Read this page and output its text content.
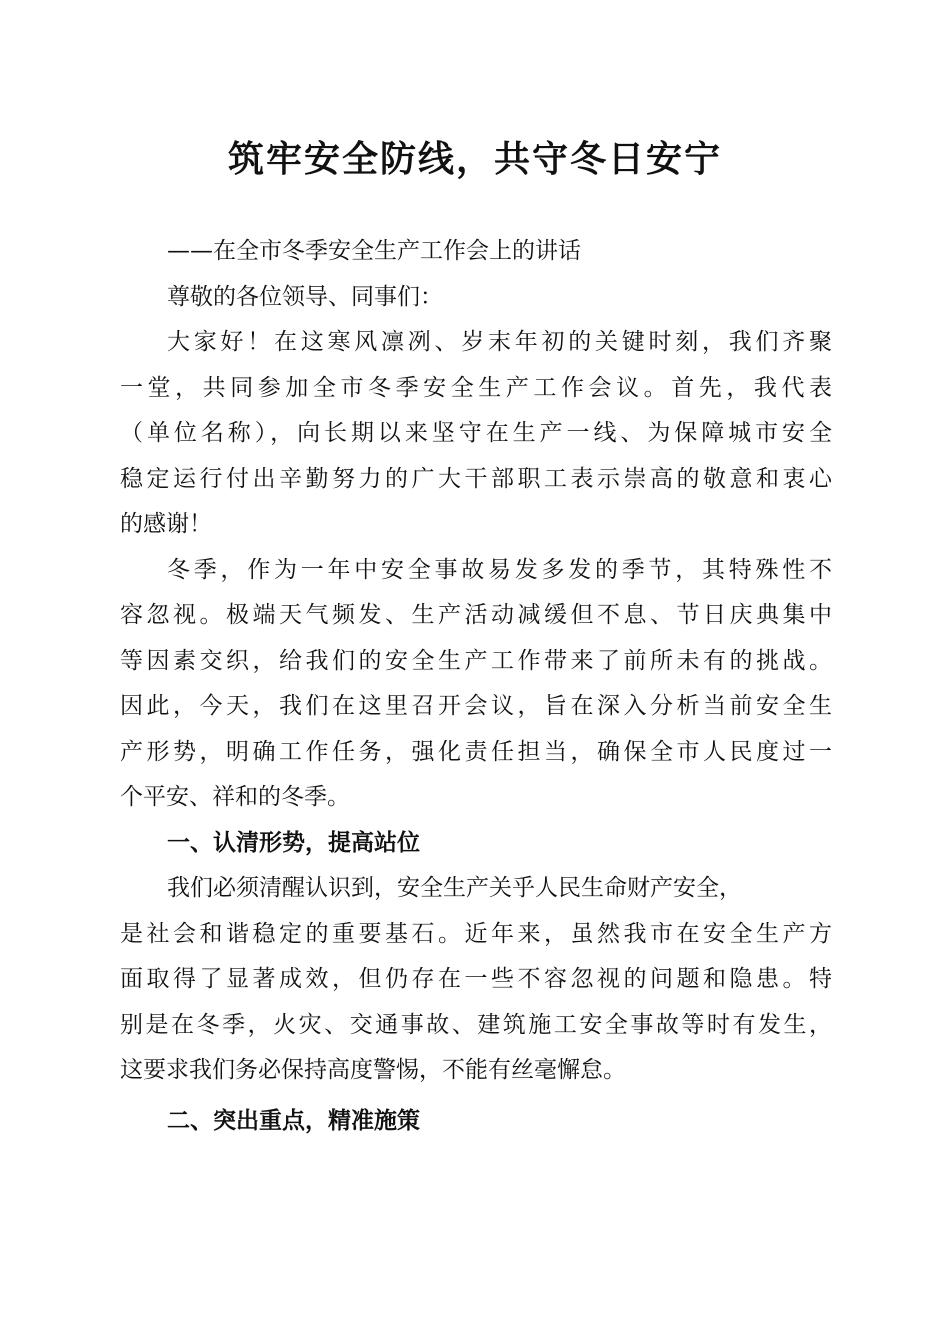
筑牢安全防线，共守冬日安宁
——在全市冬季安全生产工作会上的讲话
尊敬的各位领导、同事们：
大家好！在这寒风凛冽、岁末年初的关键时刻，我们齐聚
一堂，共同参加全市冬季安全生产工作会议。首先，我代表
（单位名称），向长期以来坚守在生产一线、为保障城市安全
稳定运行付出辛勤努力的广大干部职工表示崇高的敬意和衷心
的感谢！
冬季，作为一年中安全事故易发多发的季节，其特殊性不
容忽视。极端天气频发、生产活动减缓但不息、节日庆典集中
等因素交织，给我们的安全生产工作带来了前所未有的挑战。
因此，今天，我们在这里召开会议，旨在深入分析当前安全生
产形势，明确工作任务，强化责任担当，确保全市人民度过一
个平安、祥和的冬季。
一、认清形势，提高站位
我们必须清醒认识到，安全生产关乎人民生命财产安全，
是社会和谐稳定的重要基石。近年来，虽然我市在安全生产方
面取得了显著成效，但仍存在一些不容忽视的问题和隐患。特
别是在冬季，火灾、交通事故、建筑施工安全事故等时有发生，
这要求我们务必保持高度警惕，不能有丝毫懈怠。
二、突出重点，精准施策
